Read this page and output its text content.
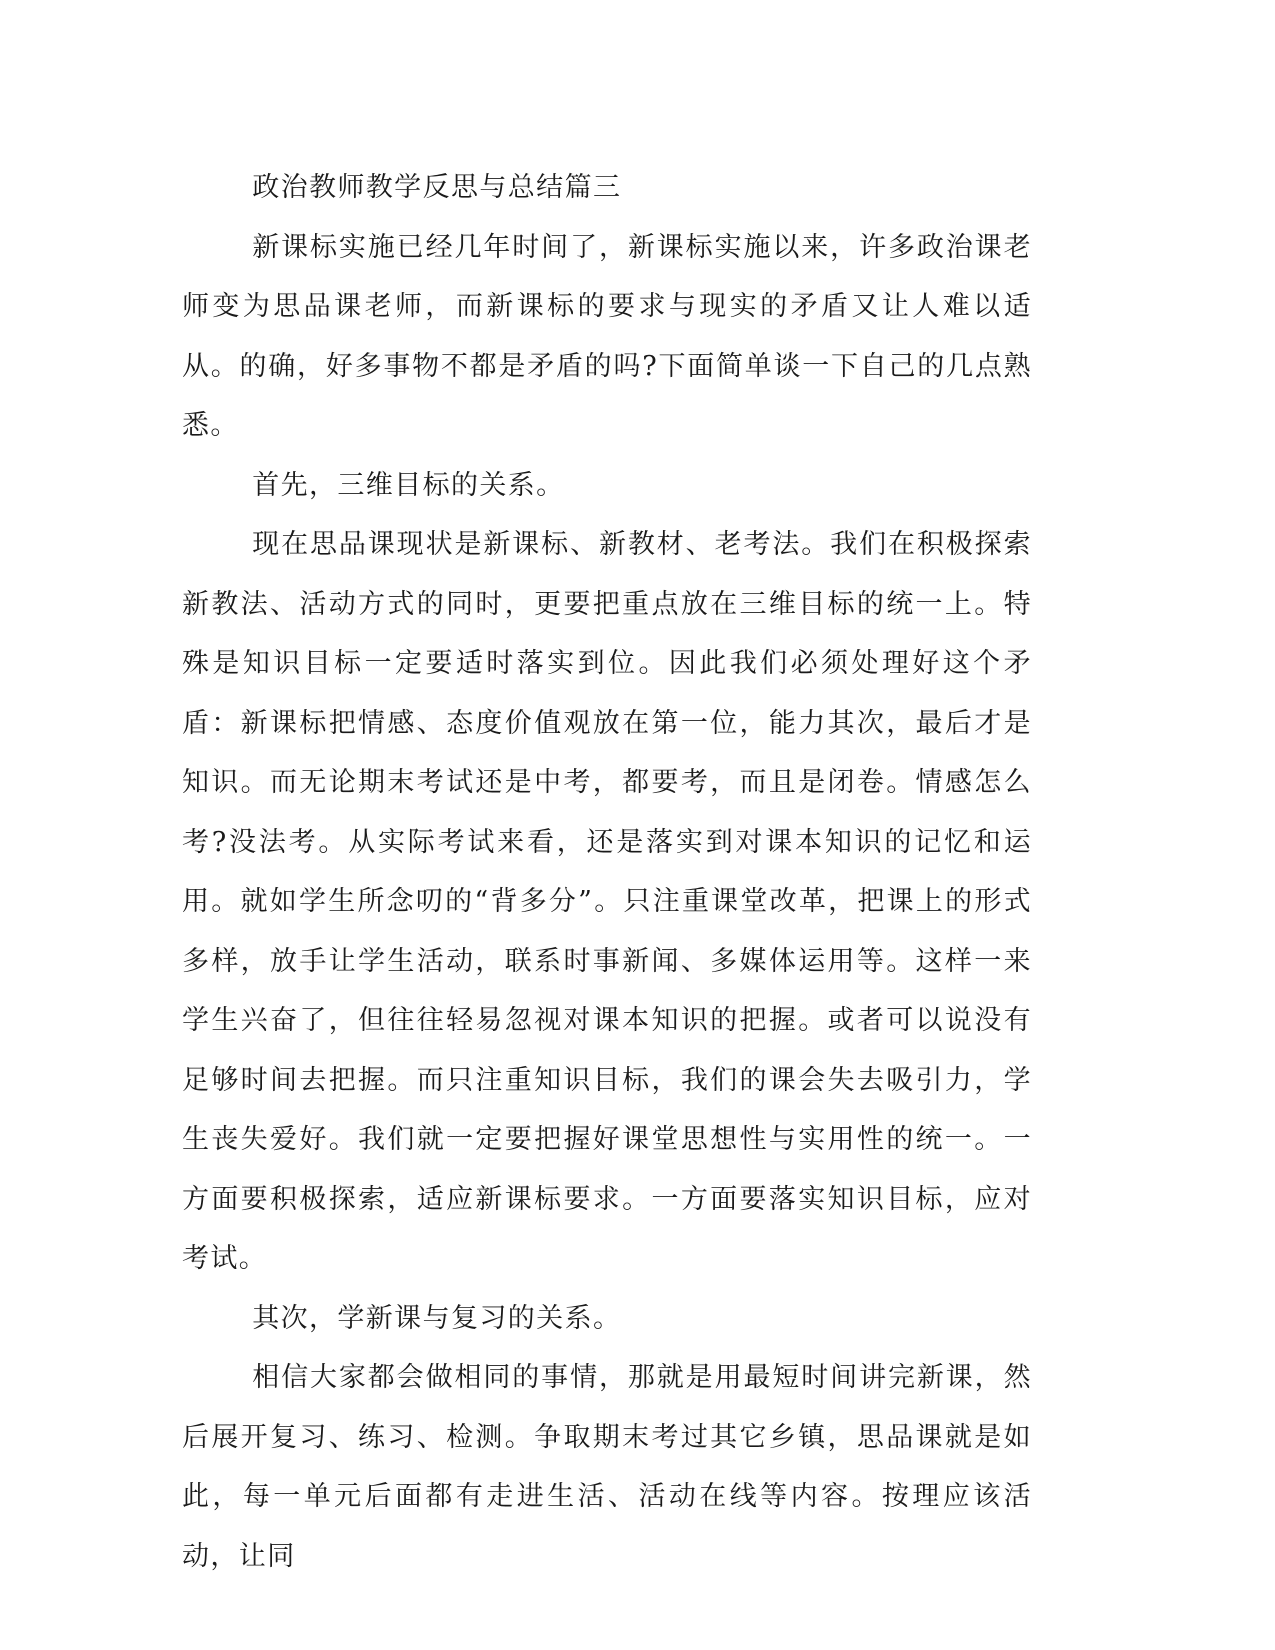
政治教师教学反思与总结篇三

新课标实施已经几年时间了，新课标实施以来，许多政治课老师变为思品课老师，而新课标的要求与现实的矛盾又让人难以适从。的确，好多事物不都是矛盾的吗?下面简单谈一下自己的几点熟悉。

首先，三维目标的关系。

现在思品课现状是新课标、新教材、老考法。我们在积极探索新教法、活动方式的同时，更要把重点放在三维目标的统一上。特殊是知识目标一定要适时落实到位。因此我们必须处理好这个矛盾：新课标把情感、态度价值观放在第一位，能力其次，最后才是知识。而无论期末考试还是中考，都要考，而且是闭卷。情感怎么考?没法考。从实际考试来看，还是落实到对课本知识的记忆和运用。就如学生所念叨的“背多分”。只注重课堂改革，把课上的形式多样，放手让学生活动，联系时事新闻、多媒体运用等。这样一来学生兴奋了，但往往轻易忽视对课本知识的把握。或者可以说没有足够时间去把握。而只注重知识目标，我们的课会失去吸引力，学生丧失爱好。我们就一定要把握好课堂思想性与实用性的统一。一方面要积极探索，适应新课标要求。一方面要落实知识目标，应对考试。

其次，学新课与复习的关系。

相信大家都会做相同的事情，那就是用最短时间讲完新课，然后展开复习、练习、检测。争取期末考过其它乡镇，思品课就是如此，每一单元后面都有走进生活、活动在线等内容。按理应该活动，让同
